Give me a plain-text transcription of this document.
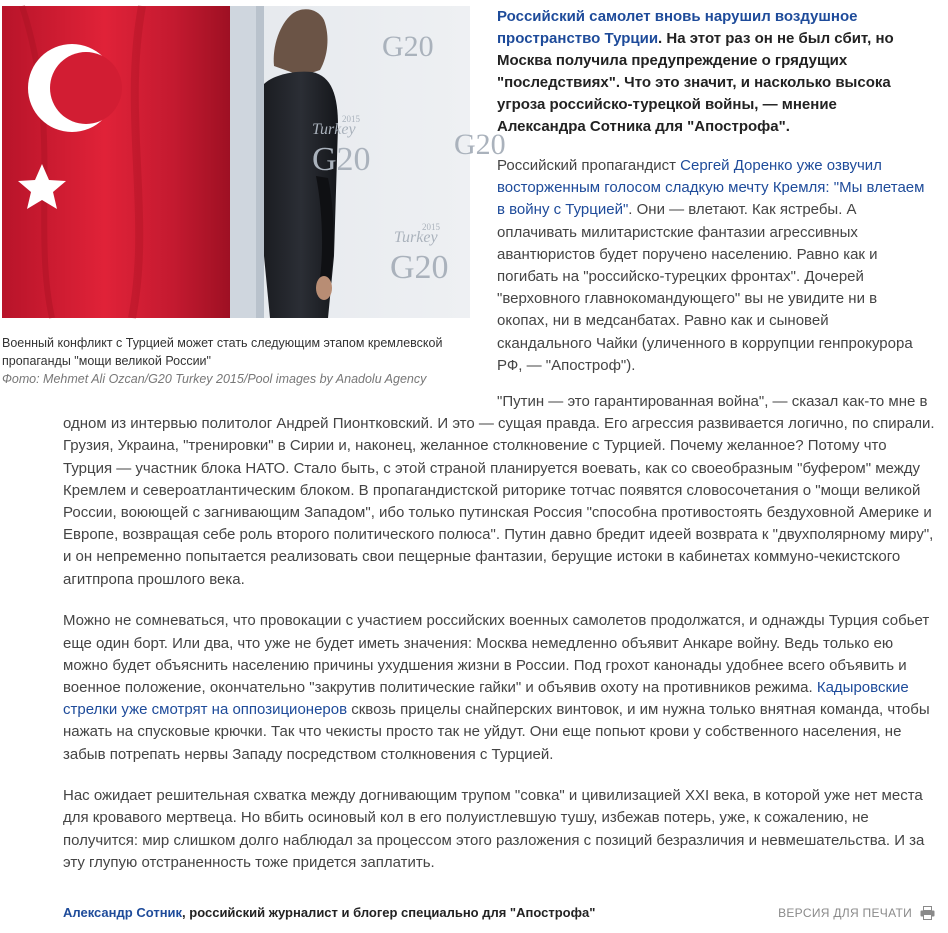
G20
Turkey
2015
G20
Turkey
2015
G20
G20
Военный конфликт с Турцией может стать следующим этапом кремлевской пропаганды "мощи великой России"
Фото: Mehmet Ali Ozcan/G20 Turkey 2015/Pool images by Anadolu Agency

Российский самолет вновь нарушил воздушное пространство Турции. На этот раз он не был сбит, но Москва получила предупреждение о грядущих "последствиях". Что это значит, и насколько высока угроза российско-турецкой войны, — мнение Александра Сотника для "Апострофа".

Российский пропагандист Сергей Доренко уже озвучил восторженным голосом сладкую мечту Кремля: "Мы влетаем в войну с Турцией". Они — влетают. Как ястребы. А оплачивать милитаристские фантазии агрессивных авантюристов будет поручено населению. Равно как и погибать на "российско-турецких фронтах". Дочерей "верховного главнокомандующего" вы не увидите ни в окопах, ни в медсанбатах. Равно как и сыновей скандального Чайки (уличенного в коррупции генпрокурора РФ, — "Апостроф").

"Путин — это гарантированная война", — сказал как-то мне в одном из интервью политолог Андрей Пионтковский. И это — сущая правда. Его агрессия развивается логично, по спирали. Грузия, Украина, "тренировки" в Сирии и, наконец, желанное столкновение с Турцией. Почему желанное? Потому что Турция — участник блока НАТО. Стало быть, с этой страной планируется воевать, как со своеобразным "буфером" между Кремлем и североатлантическим блоком. В пропагандистской риторике тотчас появятся словосочетания о "мощи великой России, воюющей с загнивающим Западом", ибо только путинская Россия "способна противостоять бездуховной Америке и Европе, возвращая себе роль второго политического полюса". Путин давно бредит идеей возврата к "двухполярному миру", и он непременно попытается реализовать свои пещерные фантазии, берущие истоки в кабинетах коммуно-чекистского агитпропа прошлого века.

Можно не сомневаться, что провокации с участием российских военных самолетов продолжатся, и однажды Турция собьет еще один борт. Или два, что уже не будет иметь значения: Москва немедленно объявит Анкаре войну. Ведь только ею можно будет объяснить населению причины ухудшения жизни в России. Под грохот канонады удобнее всего объявить и военное положение, окончательно "закрутив политические гайки" и объявив охоту на противников режима. Кадыровские стрелки уже смотрят на оппозиционеров сквозь прицелы снайперских винтовок, и им нужна только внятная команда, чтобы нажать на спусковые крючки. Так что чекисты просто так не уйдут. Они еще попьют крови у собственного населения, не забыв потрепать нервы Западу посредством столкновения с Турцией.

Нас ожидает решительная схватка между догнивающим трупом "совка" и цивилизацией XXI века, в которой уже нет места для кровавого мертвеца. Но вбить осиновый кол в его полуистлевшую тушу, избежав потерь, уже, к сожалению, не получится: мир слишком долго наблюдал за процессом этого разложения с позиций безразличия и невмешательства. И за эту глупую отстраненность тоже придется заплатить.

Александр Сотник, российский журналист и блогер специально для "Апострофа"	ВЕРСИЯ ДЛЯ ПЕЧАТИ
